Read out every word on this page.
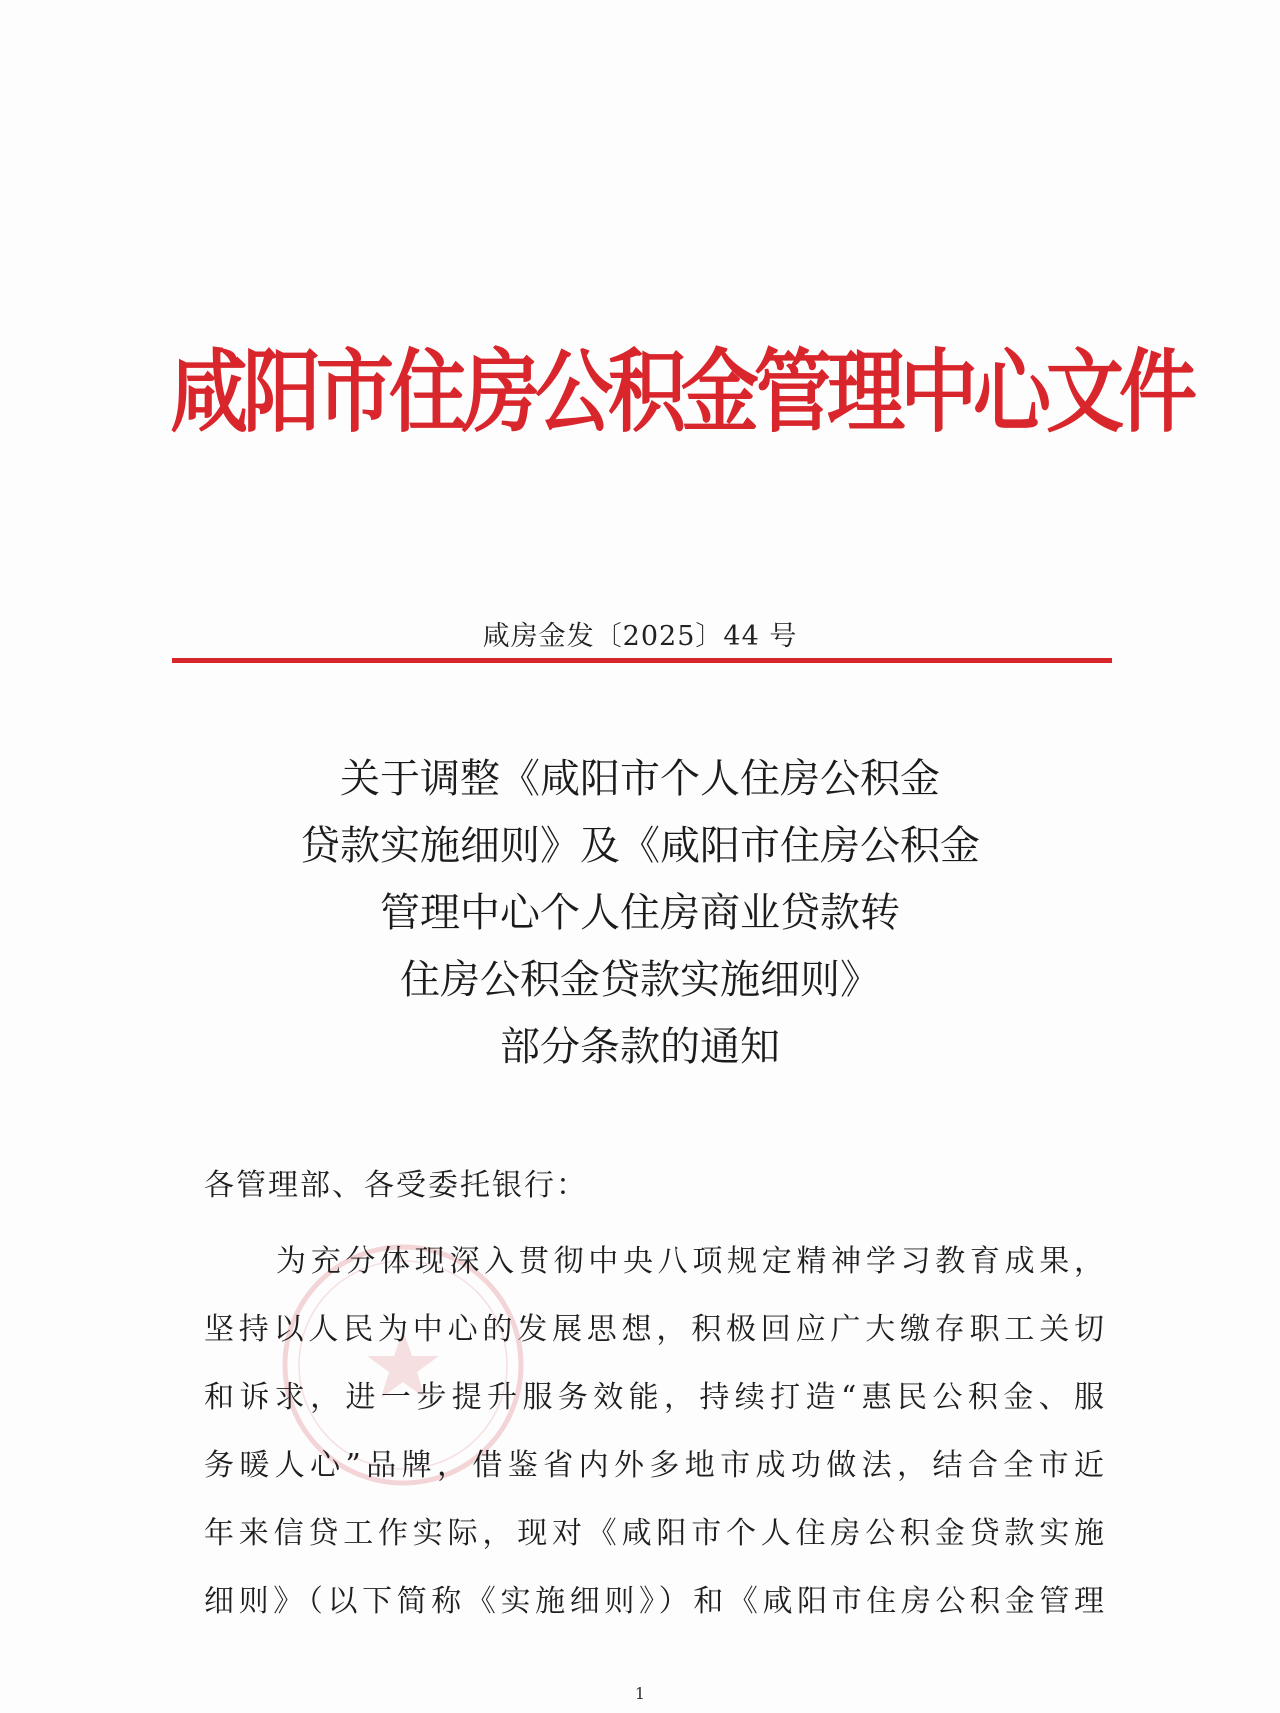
咸阳市住房公积金管理中心文件
咸房金发〔2025〕44 号
关于调整《咸阳市个人住房公积金
贷款实施细则》及《咸阳市住房公积金
管理中心个人住房商业贷款转
住房公积金贷款实施细则》
部分条款的通知
各管理部、各受委托银行：
为充分体现深入贯彻中央八项规定精神学习教育成果，
坚持以人民为中心的发展思想，积极回应广大缴存职工关切
和诉求，进一步提升服务效能，持续打造“惠民公积金、服
务暖人心”品牌，借鉴省内外多地市成功做法，结合全市近
年来信贷工作实际，现对《咸阳市个人住房公积金贷款实施
细则》（以下简称《实施细则》）和《咸阳市住房公积金管理
1
